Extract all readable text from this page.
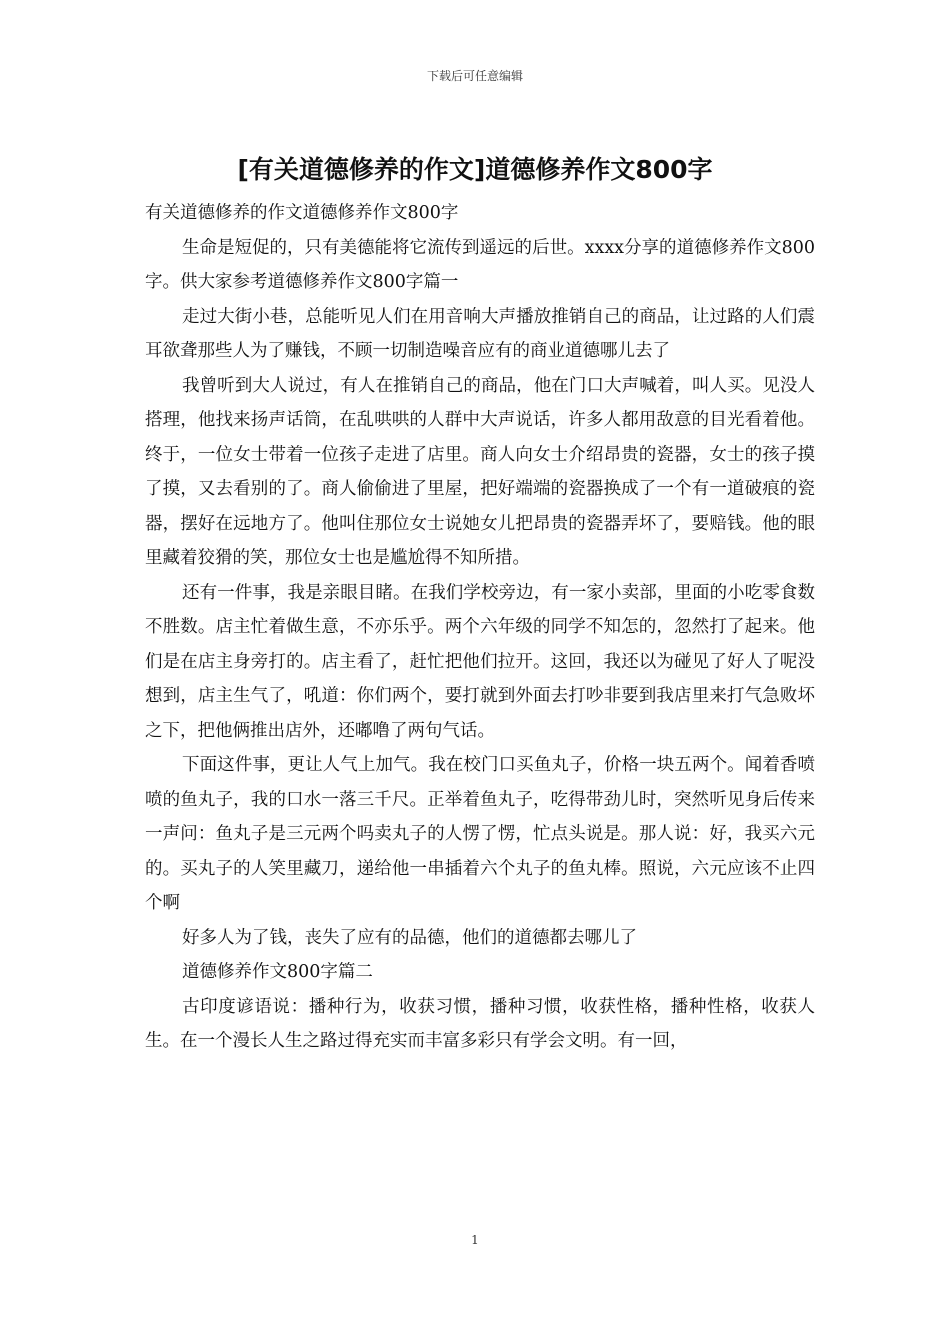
下载后可任意编辑
[有关道德修养的作文]道德修养作文800字

有关道德修养的作文道德修养作文800字

生命是短促的，只有美德能将它流传到遥远的后世。xxxx分享的道德修养作文800字。供大家参考道德修养作文800字篇一

走过大街小巷，总能听见人们在用音响大声播放推销自己的商品，让过路的人们震耳欲聋那些人为了赚钱，不顾一切制造噪音应有的商业道德哪儿去了

我曾听到大人说过，有人在推销自己的商品，他在门口大声喊着，叫人买。见没人搭理，他找来扬声话筒，在乱哄哄的人群中大声说话，许多人都用敌意的目光看着他。终于，一位女士带着一位孩子走进了店里。商人向女士介绍昂贵的瓷器，女士的孩子摸了摸，又去看别的了。商人偷偷进了里屋，把好端端的瓷器换成了一个有一道破痕的瓷器，摆好在远地方了。他叫住那位女士说她女儿把昂贵的瓷器弄坏了，要赔钱。他的眼里藏着狡猾的笑，那位女士也是尴尬得不知所措。

还有一件事，我是亲眼目睹。在我们学校旁边，有一家小卖部，里面的小吃零食数不胜数。店主忙着做生意，不亦乐乎。两个六年级的同学不知怎的，忽然打了起来。他们是在店主身旁打的。店主看了，赶忙把他们拉开。这回，我还以为碰见了好人了呢没想到，店主生气了，吼道：你们两个，要打就到外面去打吵非要到我店里来打气急败坏之下，把他俩推出店外，还嘟噜了两句气话。

下面这件事，更让人气上加气。我在校门口买鱼丸子，价格一块五两个。闻着香喷喷的鱼丸子，我的口水一落三千尺。正举着鱼丸子，吃得带劲儿时，突然听见身后传来一声问：鱼丸子是三元两个吗卖丸子的人愣了愣，忙点头说是。那人说：好，我买六元的。买丸子的人笑里藏刀，递给他一串插着六个丸子的鱼丸棒。照说，六元应该不止四个啊

好多人为了钱，丧失了应有的品德，他们的道德都去哪儿了

道德修养作文800字篇二

古印度谚语说：播种行为，收获习惯，播种习惯，收获性格，播种性格，收获人生。在一个漫长人生之路过得充实而丰富多彩只有学会文明。有一回，

1
